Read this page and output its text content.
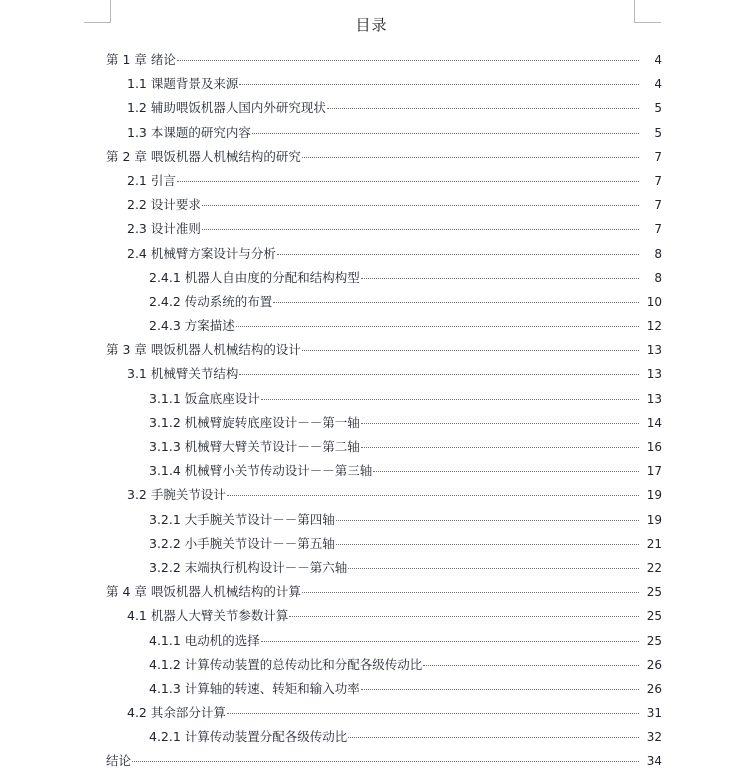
目录
第 1 章 绪论	4
1.1 课题背景及来源	4
1.2 辅助喂饭机器人国内外研究现状	5
1.3 本课题的研究内容	5
第 2 章 喂饭机器人机械结构的研究	7
2.1 引言	7
2.2 设计要求	7
2.3 设计准则	7
2.4 机械臂方案设计与分析	8
2.4.1 机器人自由度的分配和结构构型	8
2.4.2 传动系统的布置	10
2.4.3 方案描述	12
第 3 章 喂饭机器人机械结构的设计	13
3.1 机械臂关节结构	13
3.1.1 饭盒底座设计	13
3.1.2 机械臂旋转底座设计－－第一轴	14
3.1.3 机械臂大臂关节设计－－第二轴	16
3.1.4 机械臂小关节传动设计－－第三轴	17
3.2 手腕关节设计	19
3.2.1 大手腕关节设计－－第四轴	19
3.2.2 小手腕关节设计－－第五轴	21
3.2.2 末端执行机构设计－－第六轴	22
第 4 章 喂饭机器人机械结构的计算	25
4.1 机器人大臂关节参数计算	25
4.1.1 电动机的选择	25
4.1.2 计算传动装置的总传动比和分配各级传动比	26
4.1.3 计算轴的转速、转矩和输入功率	26
4.2 其余部分计算	31
4.2.1 计算传动装置分配各级传动比	32
结论	34
